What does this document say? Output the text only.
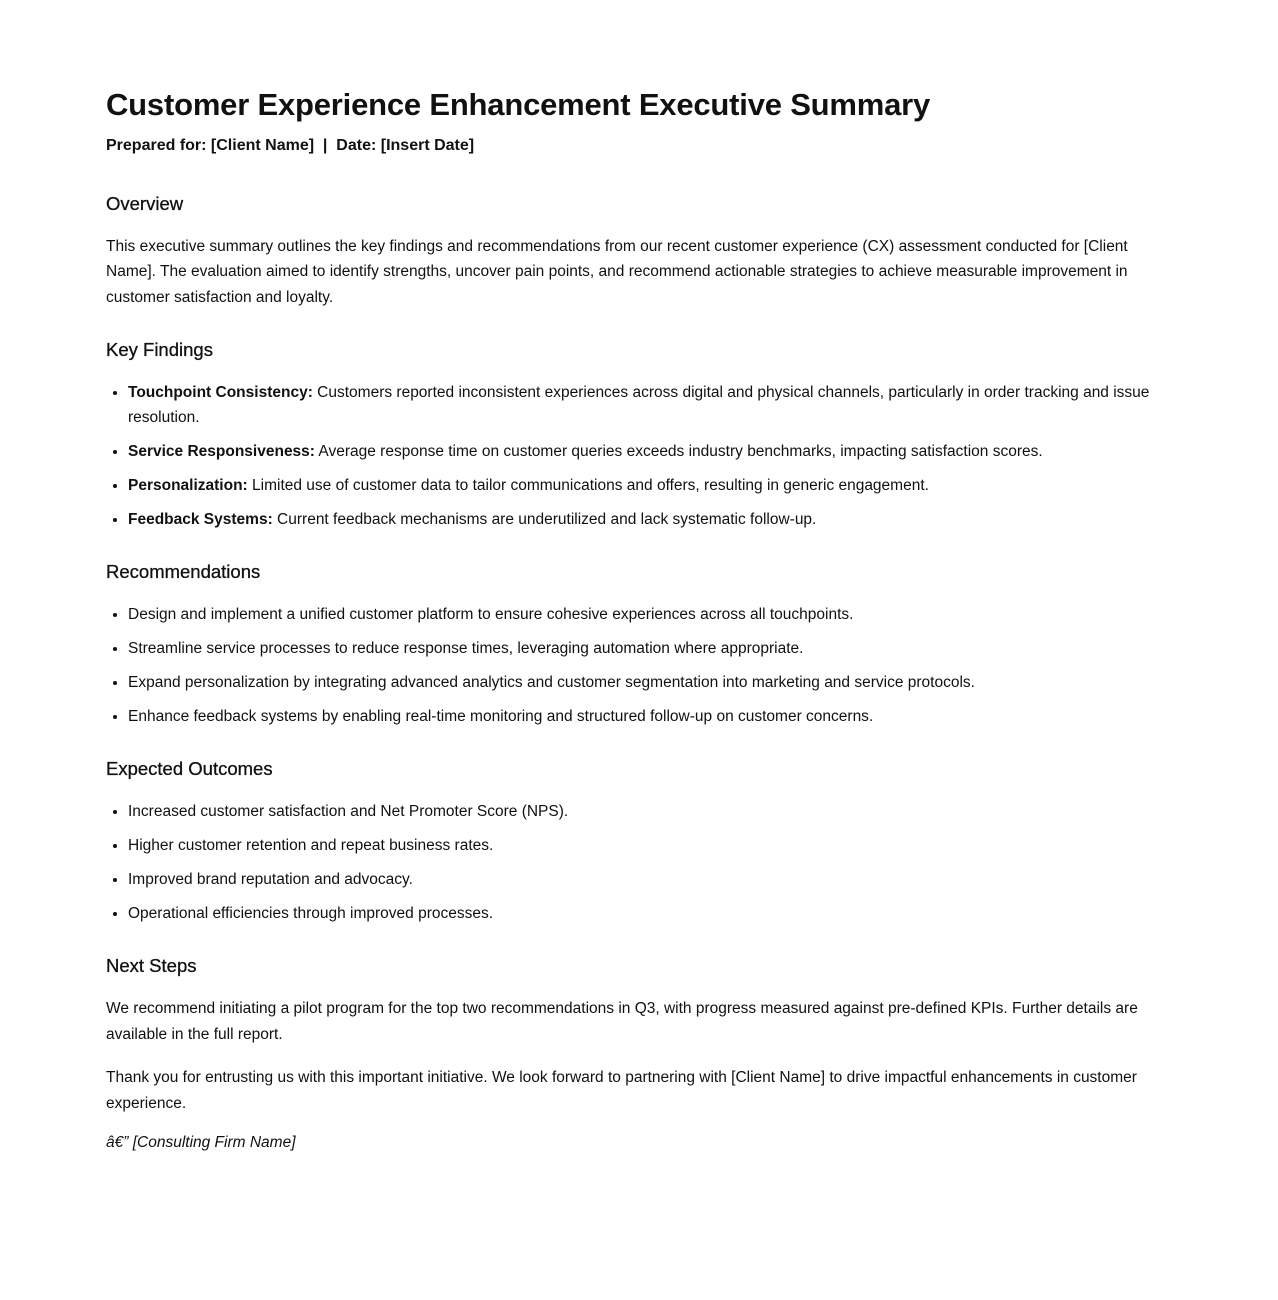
Customer Experience Enhancement Executive Summary
Prepared for: [Client Name]  |  Date: [Insert Date]
Overview

This executive summary outlines the key findings and recommendations from our recent customer experience (CX) assessment conducted for [Client Name]. The evaluation aimed to identify strengths, uncover pain points, and recommend actionable strategies to achieve measurable improvement in customer satisfaction and loyalty.

Key Findings
• Touchpoint Consistency: Customers reported inconsistent experiences across digital and physical channels, particularly in order tracking and issue resolution.
• Service Responsiveness: Average response time on customer queries exceeds industry benchmarks, impacting satisfaction scores.
• Personalization: Limited use of customer data to tailor communications and offers, resulting in generic engagement.
• Feedback Systems: Current feedback mechanisms are underutilized and lack systematic follow-up.
Recommendations
• Design and implement a unified customer platform to ensure cohesive experiences across all touchpoints.
• Streamline service processes to reduce response times, leveraging automation where appropriate.
• Expand personalization by integrating advanced analytics and customer segmentation into marketing and service protocols.
• Enhance feedback systems by enabling real-time monitoring and structured follow-up on customer concerns.
Expected Outcomes
• Increased customer satisfaction and Net Promoter Score (NPS).
• Higher customer retention and repeat business rates.
• Improved brand reputation and advocacy.
• Operational efficiencies through improved processes.
Next Steps

We recommend initiating a pilot program for the top two recommendations in Q3, with progress measured against pre-defined KPIs. Further details are available in the full report.

Thank you for entrusting us with this important initiative. We look forward to partnering with [Client Name] to drive impactful enhancements in customer experience.

â€” [Consulting Firm Name]
